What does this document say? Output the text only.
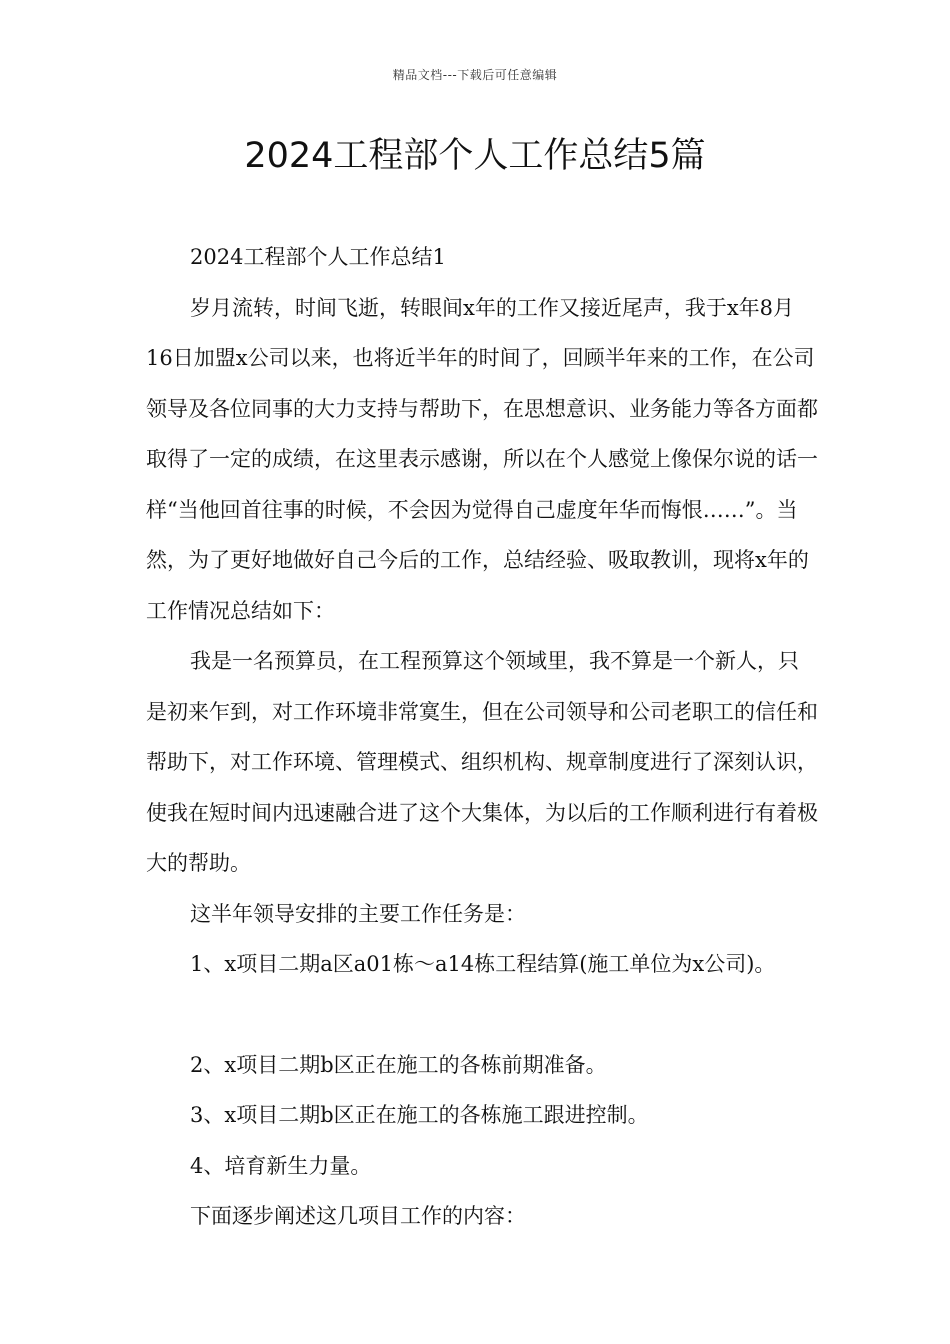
精品文档---下载后可任意编辑
2024工程部个人工作总结5篇

2024工程部个人工作总结1

岁月流转，时间飞逝，转眼间x年的工作又接近尾声，我于x年8月16日加盟x公司以来，也将近半年的时间了，回顾半年来的工作，在公司领导及各位同事的大力支持与帮助下，在思想意识、业务能力等各方面都取得了一定的成绩，在这里表示感谢，所以在个人感觉上像保尔说的话一样“当他回首往事的时候，不会因为觉得自己虚度年华而悔恨……”。当然，为了更好地做好自己今后的工作，总结经验、吸取教训，现将x年的工作情况总结如下：

我是一名预算员，在工程预算这个领域里，我不算是一个新人，只是初来乍到，对工作环境非常寞生，但在公司领导和公司老职工的信任和帮助下，对工作环境、管理模式、组织机构、规章制度进行了深刻认识，使我在短时间内迅速融合进了这个大集体，为以后的工作顺利进行有着极大的帮助。

这半年领导安排的主要工作任务是：

1、x项目二期a区a01栋～a14栋工程结算(施工单位为x公司)。

2、x项目二期b区正在施工的各栋前期准备。

3、x项目二期b区正在施工的各栋施工跟进控制。

4、培育新生力量。

下面逐步阐述这几项目工作的内容：
